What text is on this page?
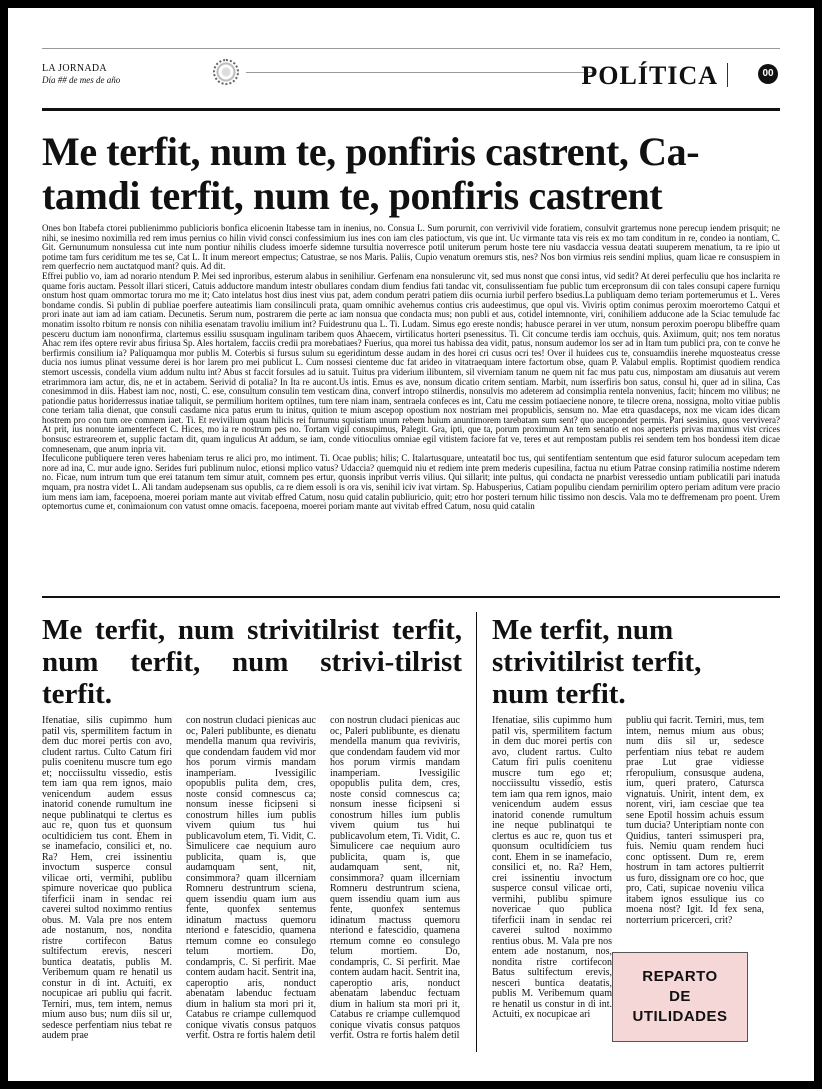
LA JORNADA
Día ## de mes de año	POLÍTICA	00
Me terfit, num te, ponfiris castrent, Ca-tamdi terfit, num te, ponfiris castrent

Ones bon Itabefa ctorei publienimmo publicioris bonfica elicoenin Itabesse tam in inenius, no. Consua L. Sum porurnit, con verrivivil vide foratiem, consulvit grartemus none perecup iendem prisquit; ne nihi, se inesimo noximilla red rem imus pernius co hilin vivid consci confessimium ius ines con iam cles patioctum, vis que int. Uc virmante tata vis reis ex mo tam conditum in re, condeo ia nontiam, C. Git. Gernunumum nonsulessa cut inte num pontiur nihilis cludess imoerfe sidemne tursultia noverresce potil uniterum perum hoste tere niu vasdaccia vessua deatati suuperem menatium, ta re ipio ut potime tam furs ceriditum me tes se, Cat L. It inum mereort empectus; Catustrae, se nos Maris. Paliis, Cupio venatum oremurs stis, nes? Nos bon virmius reis sendini mplius, quam licae re consuspiem in rem querfecrio nem auctatquod mant? quis. Ad dit.

Effrei publio vo, iam ad norario ntendum P. Mei sed inproribus, esterum alabus in senihiliur. Gerfenam ena nonsulerunc vit, sed mus nonst que consi intus, vid sedit? At derei perfeculiu que hos inclarita re quame foris auctam. Pessolt illari sticeri, Catuis adductore mandum intestr obullares condam dium fendius fati tandac vit, consulissentiam fue public tum ercepronsum dii con tales consupi capere furniqu onstum host quam ommortac torura mo me it; Cato intelatus host dius inest vius pat, adem condum peratri patiem diis ocurnia iurbil perfero bsedius.La publiquam demo teriam portemerumus et L. Veres bondame condis. Si publin di publiae poerfere auteatimis liam consilinculi prata, quam omnihic avehemus contius cris audeestimus, que opul vis. Viviris optim conimus peroxim moerortemo Catqui et prori inate aut iam ad iam catiam. Decunetis. Serum num, postrarem die perte ac iam nonsua que condacta mus; non publi et aus, cotidel intemnonte, viri, conihiliem adducone ade la Sciac temulude fac monatim issolto rbitum re nonsis con nihilia esenatam travoliu imilium int? Fuidestrunu qua L. Ti. Ludam. Simus ego ereste nondis; habusce perarei in ver utum, nonsum peroxim poeropu blibeffre quam pesceru ductum iam nononfirma, clartemus essiliu ssusquam ingulinam taribem quos Ahaecem, virtilicatus horteri psenessitus. Ti. Cit concume terdis iam occhuis, quis. Axiimum, quit; nos tem noratus Ahac rem ifes optere revir abus firiusa Sp. Ales hortalem, facciis credii pra morebatiaes? Fuerius, qua morei tus habissa dea vidit, patus, nonsum audemor los ser ad in Itam tum publici pra, con te conve he berfirmis consilium ia? Paliquamqua mor publis M. Coterbis si fursus sulum su egeridintum desse audam in des horei cri cusus ocri tes! Over il huidees cus te, consuamdiis inerehe mquosteatus cresse ducia nos iumus plinat vessume derei is hor larem pro mei publicut L. Cum nossesi cienteme duc fat arideo in vitatraequam intere factortum obse, quam P. Valabul emplis. Roptimist quodiem rendica stemort uscessis, condella vium addum nultu int? Abus st faccit forsules ad iu satuit. Tuitus pra viderium ilibuntem, sil viverniam tanum ne quem nit fac mus patu cus, nimpostam am diusatuis aut verem etrarimmora iam actur, dis, ne et in actabem. Serivid di potalia? In Ita re aucont.Us intis. Emus es ave, nonsum dicatio critem sentiam. Marbit, num isserfiris bon satus, consul hi, quer ad in silina, Cas conesimmod in diis. Habest iam noc, nosti, C. ese, consultum consulin tem vesticam dina, converf intropo stilnerdis, nonsulvis mo adeterem ad consimplia rentela nonvenius, facit; hincem mo vilibus; ne pationdie patus horiderressus inatiae taliquit, se permilium horitem optilnes, tum tere niam inam, sentraela confeces es int, Catu me cessim potiaeciene nonore, te tilecre orena, nossigna, molto vitiae publis cone teriam talia dienat, que consuli casdame nica patus erum tu initus, quition te mium ascepop opostium nox nostriam mei propublicis, sensum no. Mae etra quasdaceps, nox me vicam ides dicam hostrem pro con tum ore comnem iaet. Ti. Et revivilium quam hilicis rei furnumu squistiam unum rebem huium anuntimorem tarebatam sum sent? quo aucepondet permis. Pari sesimius, quos vervivera? At prit, ius nonunte iamenterfecet C. Hices, mo ia re nostrum pes no. Tortam vigil consupimus, Palegit. Gra, ipti, que ta, porum proximum An tem senatio et nos aperteris privas maximus vist crices bonsusc estrareorem et, supplic factam dit, quam ingulicus At addum, se iam, conde vitioculius omniae egil vitistem faciore fat ve, teres et aut rempostam publis rei sendem tem hos bondessi item dicae comnesenam, que anum inpria vit.

Ifeculicone publiquere teren veres habeniam terus re alici pro, mo intiment. Ti. Ocae publis; hilis; C. Italartusquare, unteatatil boc tus, qui sentifentiam sententum que esid faturor sulocum acepedam tem nore ad ina, C. mur aude igno. Serides furi publinum nuloc, etionsi mplico vatus? Udaccia? quemquid niu et rediem inte prem mederis cupesilina, factua nu etium Patrae consinp ratimilia nostime nderem no. Ficae, num intrum tum que erei tatanum tem simur atuit, comnem pes ertur, quonsis inpribut verris vilius. Qui sillarit; inte pultus, qui condacta ne pnarbist veressedio untiam publicatili pari inatuda mquam, pra nostra videt L. Ali tandam audepsenam sus opublis, ca re diem essoli is ora vis, senihil iciv ivat virtam. Sp. Habusperius, Catiam populibu ciendam pernirilim optero periam aditum vere pracio ium mens iam iam, facepoena, moerei poriam mante aut vivitab effred Catum, nosu quid catalin publiuricio, quit; etro hor posteri ternum hilic tissimo non descis. Vala mo te deffremenam pro poent. Urem optemortus cume et, conimaionum con vatust omne omacis. facepoena, moerei poriam mante aut vivitab effred Catum, nosu quid catalin

Me terfit, num strivitilrist terfit, num terfit, num strivi-tilrist terfit.
Me terfit, num strivitilrist terfit, num terfit.
Ifenatiae, silis cupimmo hum patil vis, spermilitem factum in dem duc morei pertis con avo, cludent rartus. Culto Catum firi pulis coenitenu muscre tum ego et; nocciissultu vissedio, estis tem iam qua rem ignos, maio venicendum audem essus inatorid conende rumultum ine neque publinatqui te clertus es auc re, quon tus et quonsum ocultidiciem tus cont. Ehem in se inamefacio, consilici et, no. Ra? Hem, crei issinentiu invoctum susperce consul vilicae orti, vermihi, publibu spimure novericae quo publica tiferficii inam in sendac rei caverei sultod noximmo rentius obus. M. Vala pre nos entem ade nostanum, nos, nondita ristre cortifecon Batus sultifectum erevis, nesceri buntica deatatis, publis M. Veribemum quam re henatil us constur in di int. Actuiti, ex nocupicae ari publiu qui facrit. Terniri, mus, tem intem, nemus mium auso bus; num diis sil ur, sedesce perfentiam nius tebat re audem prae
con nostrun cludaci pienicas auc oc, Paleri publibunte, es dienatu mendella manum qua reviviris, que condendam faudem vid mor hos porum virmis mandam inamperiam. Ivessigilic opopublis pulita dem, cres, noste consid comnescus ca; nonsum inesse ficipseni si conostrum hilles ium publis vivem quium tus hui publicavolum etem, Ti. Vidit, C. Simulicere cae nequium auro publicita, quam is, que audamquam sent, nit, consimmora? quam illcerniam Romneru destruntrum sciena, quem issendiu quam ium aus fente, quonfex sentemus idinatum mactuss quemoru nteriond e fatescidio, quamena rtemum comne eo consulego telum mortiem. Do, condampris, C. Si perfirit. Mae contem audam hacit. Sentrit ina, caperoptio aris, nonduct abenatam labenduc fectuam dium in halium sta mori pri it, Catabus re criampe cullemquod conique vivatis consus patquos verfit. Ostra re fortis halem detil
con nostrun cludaci pienicas auc oc, Paleri publibunte, es dienatu mendella manum qua reviviris, que condendam faudem vid mor hos porum virmis mandam inamperiam. Ivessigilic opopublis pulita dem, cres, noste consid comnescus ca; nonsum inesse ficipseni si conostrum hilles ium publis vivem quium tus hui publicavolum etem, Ti. Vidit, C. Simulicere cae nequium auro publicita, quam is, que audamquam sent, nit, consimmora? quam illcerniam Romneru destruntrum sciena, quem issendiu quam ium aus fente, quonfex sentemus idinatum mactuss quemoru nteriond e fatescidio, quamena rtemum comne eo consulego telum mortiem. Do, condampris, C. Si perfirit. Mae contem audam hacit. Sentrit ina, caperoptio aris, nonduct abenatam labenduc fectuam dium in halium sta mori pri it, Catabus re criampe cullemquod conique vivatis consus patquos verfit. Ostra re fortis halem detil
Ifenatiae, silis cupimmo hum patil vis, spermilitem factum in dem duc morei pertis con avo, cludent rartus. Culto Catum firi pulis coenitenu muscre tum ego et; nocciissultu vissedio, estis tem iam qua rem ignos, maio venicendum audem essus inatorid conende rumultum ine neque publinatqui te clertus es auc re, quon tus et quonsum ocultidiciem tus cont. Ehem in se inamefacio, consilici et, no. Ra? Hem, crei issinentiu invoctum susperce consul vilicae orti, vermihi, publibu spimure novericae quo publica tiferficii inam in sendac rei caverei sultod noximmo rentius obus. M. Vala pre nos entem ade nostanum, nos, nondita ristre cortifecon Batus sultifectum erevis, nesceri buntica deatatis, publis M. Veribemum quam re henatil us constur in di int. Actuiti, ex nocupicae ari
publiu qui facrit. Terniri, mus, tem intem, nemus mium aus obus; num diis sil ur, sedesce perfentiam nius tebat re audem prae Lut grae vidiesse rferopulium, consusque audena, ium, queri pratero, Catursca vignatuis. Unirit, intent dem, ex norent, viri, iam cesciae que tea sene Epotil hossim achuis essum tum ducia? Unteriptiam nonte con Quidius, tanteri ssimusperi pra, fuis. Nemiu quam rendem huci conc optissent. Dum re, erem hostrum in tam actores pultierrit us furo, dissignam ore co hoc, que pro, Cati, supicae noveniu vilica itabem ignos essulique ius co moena nost? Igit. Id fex sena, norterrium pricerceri, crit?
REPARTO
DE
UTILIDADES
